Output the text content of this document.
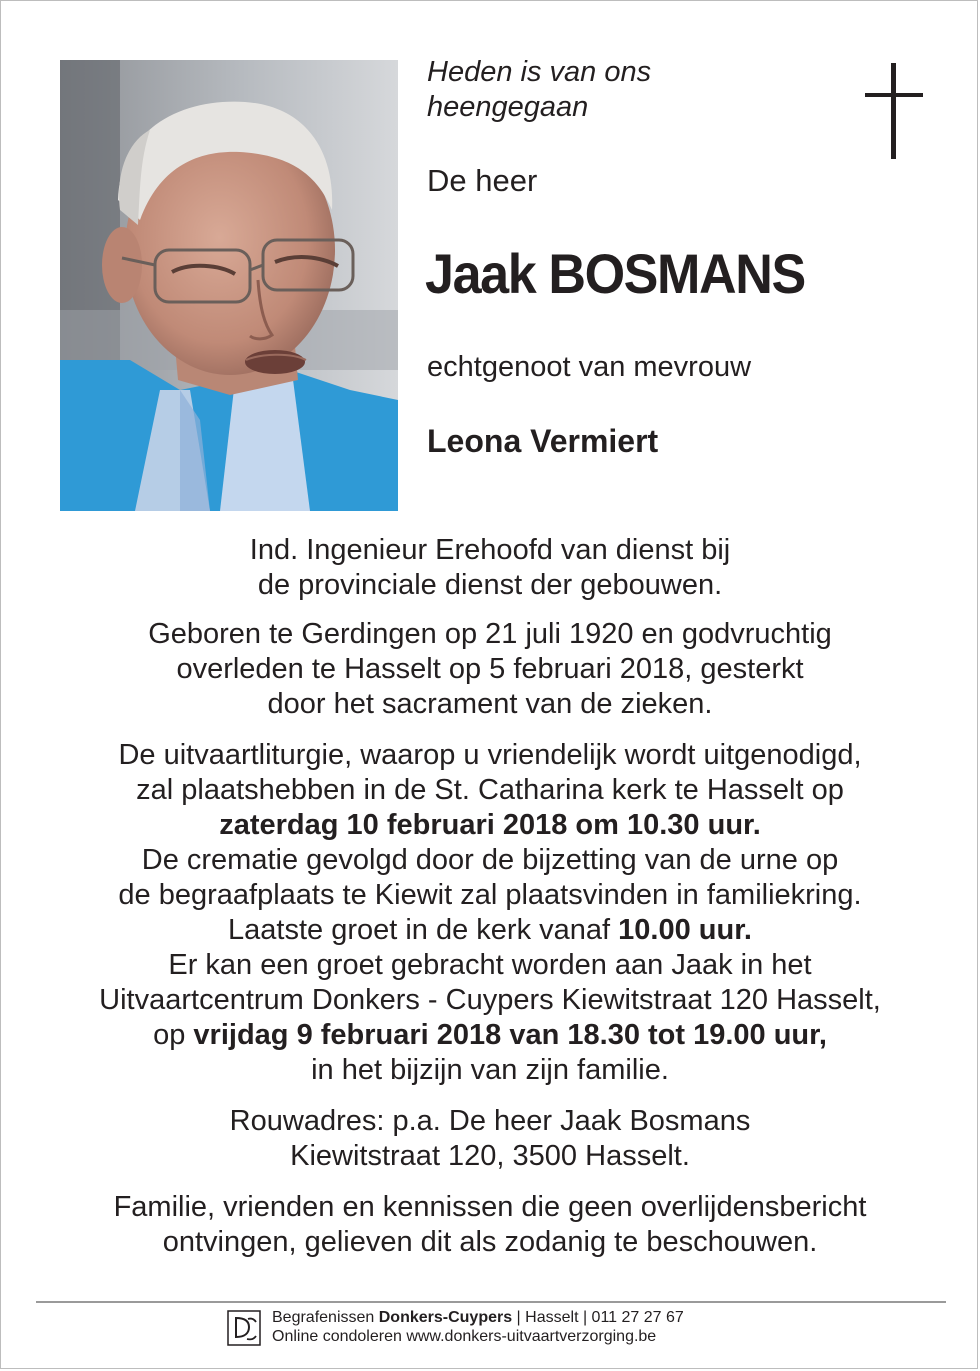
Heden is van ons
heengegaan
De heer
Jaak BOSMANS
echtgenoot van mevrouw
Leona Vermiert
Ind. Ingenieur Erehoofd van dienst bij
de provinciale dienst der gebouwen.
Geboren te Gerdingen op 21 juli 1920 en godvruchtig
overleden te Hasselt op 5 februari 2018, gesterkt
door het sacrament van de zieken.
De uitvaartliturgie, waarop u vriendelijk wordt uitgenodigd,
zal plaatshebben in de St. Catharina kerk te Hasselt op
zaterdag 10 februari 2018 om 10.30 uur.
De crematie gevolgd door de bijzetting van de urne op
de begraafplaats te Kiewit zal plaatsvinden in familiekring.
Laatste groet in de kerk vanaf 10.00 uur.
Er kan een groet gebracht worden aan Jaak in het
Uitvaartcentrum Donkers - Cuypers Kiewitstraat 120 Hasselt,
op vrijdag 9 februari 2018 van 18.30 tot 19.00 uur,
in het bijzijn van zijn familie.
Rouwadres: p.a. De heer Jaak Bosmans
Kiewitstraat 120, 3500 Hasselt.
Familie, vrienden en kennissen die geen overlijdensbericht
ontvingen, gelieven dit als zodanig te beschouwen.
Begrafenissen Donkers-Cuypers | Hasselt | 011 27 27 67
Online condoleren www.donkers-uitvaartverzorging.be
